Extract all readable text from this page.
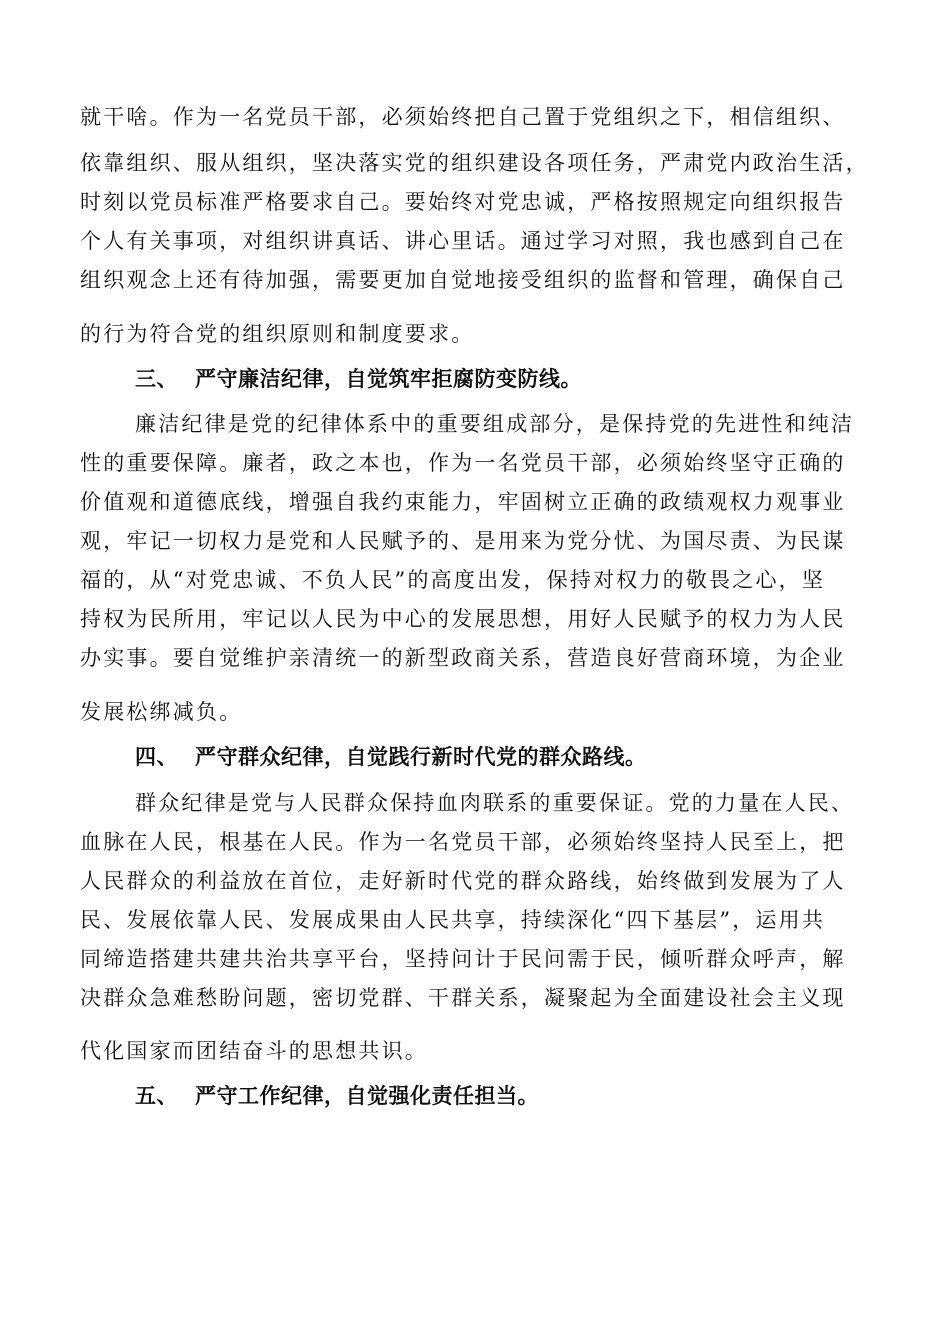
就干啥。作为一名党员干部，必须始终把自己置于党组织之下，相信组织、
依靠组织、服从组织，坚决落实党的组织建设各项任务，严肃党内政治生活，
时刻以党员标准严格要求自己。要始终对党忠诚，严格按照规定向组织报告
个人有关事项，对组织讲真话、讲心里话。通过学习对照，我也感到自己在
组织观念上还有待加强，需要更加自觉地接受组织的监督和管理，确保自己
的行为符合党的组织原则和制度要求。
三、 严守廉洁纪律，自觉筑牢拒腐防变防线。
廉洁纪律是党的纪律体系中的重要组成部分，是保持党的先进性和纯洁
性的重要保障。廉者，政之本也，作为一名党员干部，必须始终坚守正确的
价值观和道德底线，增强自我约束能力，牢固树立正确的政绩观权力观事业
观，牢记一切权力是党和人民赋予的、是用来为党分忧、为国尽责、为民谋
福的，从“对党忠诚、不负人民”的高度出发，保持对权力的敬畏之心，坚
持权为民所用，牢记以人民为中心的发展思想，用好人民赋予的权力为人民
办实事。要自觉维护亲清统一的新型政商关系，营造良好营商环境，为企业
发展松绑减负。
四、 严守群众纪律，自觉践行新时代党的群众路线。
群众纪律是党与人民群众保持血肉联系的重要保证。党的力量在人民、
血脉在人民，根基在人民。作为一名党员干部，必须始终坚持人民至上，把
人民群众的利益放在首位，走好新时代党的群众路线，始终做到发展为了人
民、发展依靠人民、发展成果由人民共享，持续深化“四下基层”，运用共
同缔造搭建共建共治共享平台，坚持问计于民问需于民，倾听群众呼声，解
决群众急难愁盼问题，密切党群、干群关系，凝聚起为全面建设社会主义现
代化国家而团结奋斗的思想共识。
五、 严守工作纪律，自觉强化责任担当。
